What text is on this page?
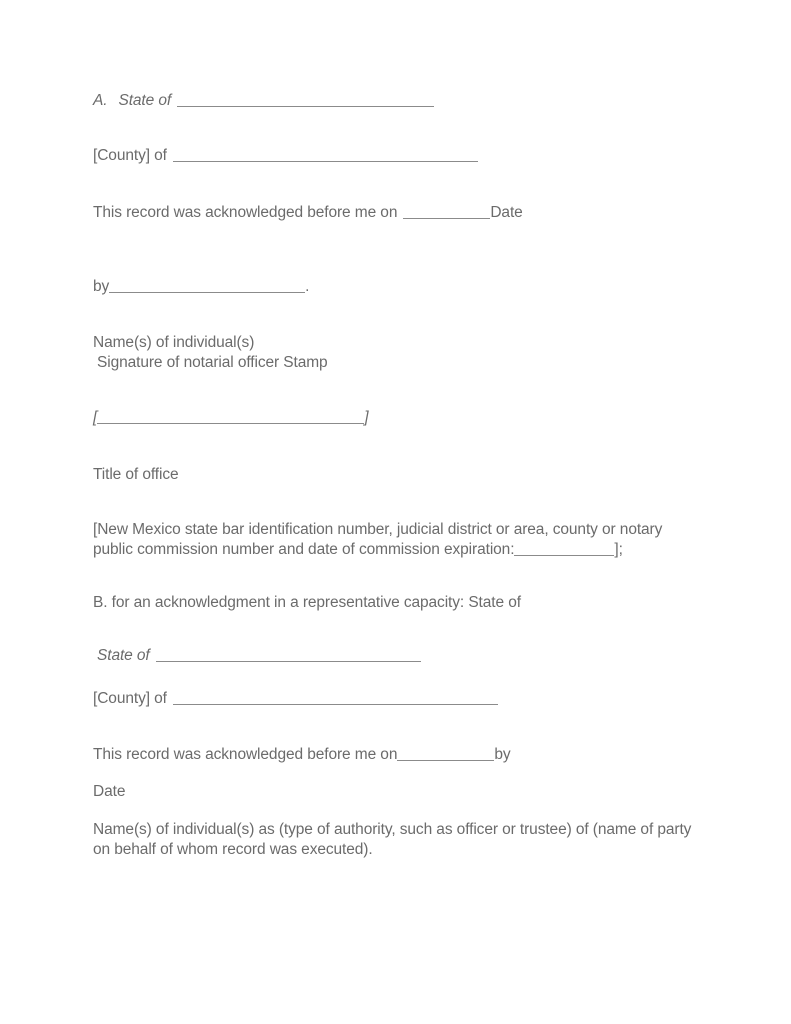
A. State of
[County] of
This record was acknowledged before me on	Date
by	.
Name(s) of individual(s)
Signature of notarial officer Stamp
[	]
Title of office
[New Mexico state bar identification number, judicial district or area, county or notary
public commission number and date of commission expiration:	];
B. for an acknowledgment in a representative capacity: State of
State of
[County] of
This record was acknowledged before me on	by
Date
Name(s) of individual(s) as (type of authority, such as officer or trustee) of (name of party
on behalf of whom record was executed).
